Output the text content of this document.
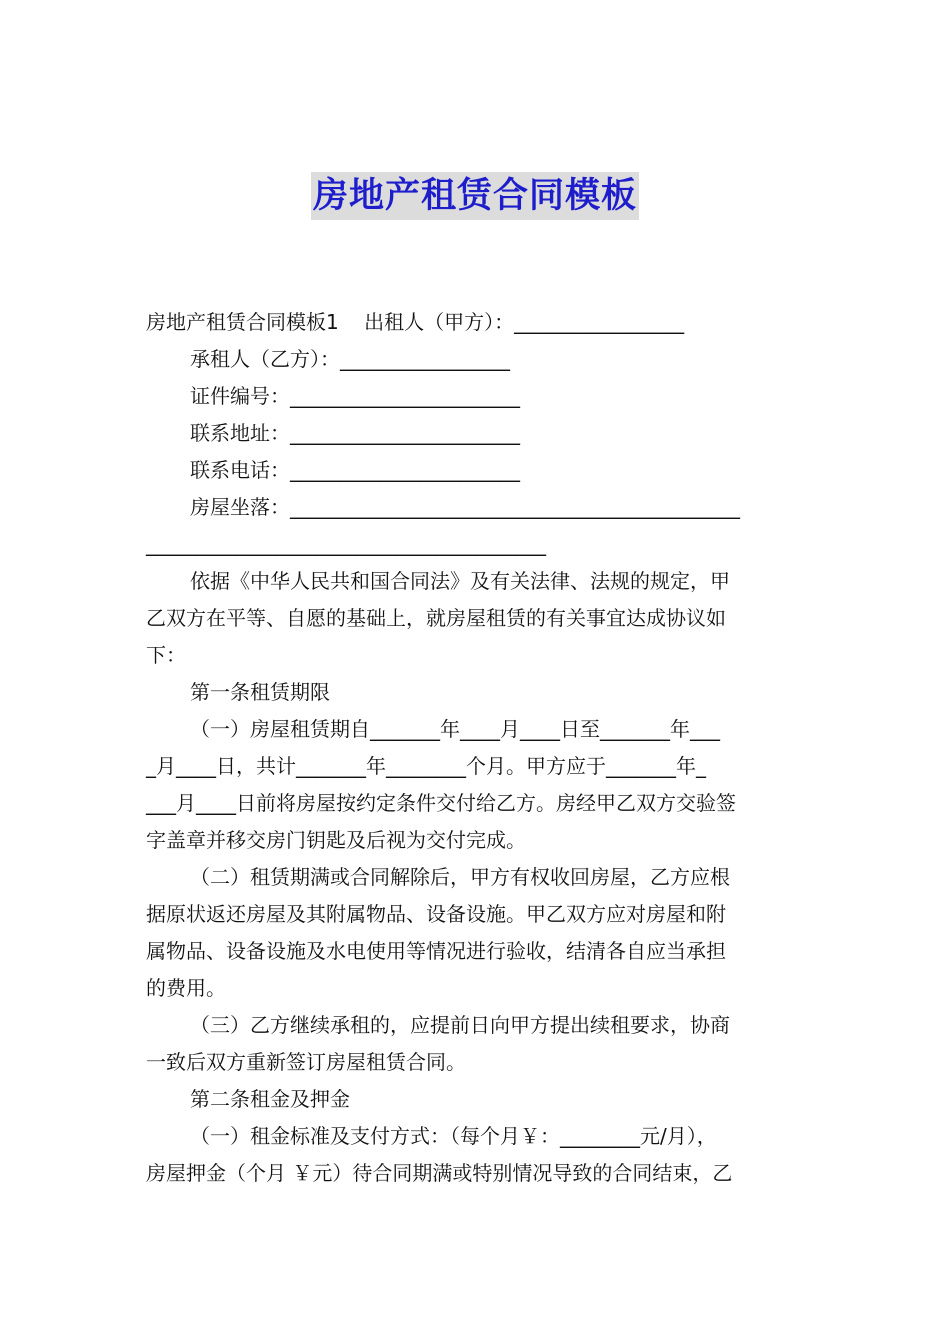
房地产租赁合同模板
房地产租赁合同模板1    出租人（甲方）：_________________
承租人（乙方）：_________________
证件编号：_______________________
联系地址：_______________________
联系电话：_______________________
房屋坐落：_____________________________________________
________________________________________
依据《中华人民共和国合同法》及有关法律、法规的规定，甲
乙双方在平等、自愿的基础上，就房屋租赁的有关事宜达成协议如
下：
第一条租赁期限
（一）房屋租赁期自_______年____月____日至_______年___
_月____日，共计_______年________个月。甲方应于_______年_
___月____日前将房屋按约定条件交付给乙方。房经甲乙双方交验签
字盖章并移交房门钥匙及后视为交付完成。
（二）租赁期满或合同解除后，甲方有权收回房屋，乙方应根
据原状返还房屋及其附属物品、设备设施。甲乙双方应对房屋和附
属物品、设备设施及水电使用等情况进行验收，结清各自应当承担
的费用。
（三）乙方继续承租的，应提前日向甲方提出续租要求，协商
一致后双方重新签订房屋租赁合同。
第二条租金及押金
（一）租金标准及支付方式：（每个月￥：________元/月），
房屋押金（个月 ￥元）待合同期满或特别情况导致的合同结束，乙
